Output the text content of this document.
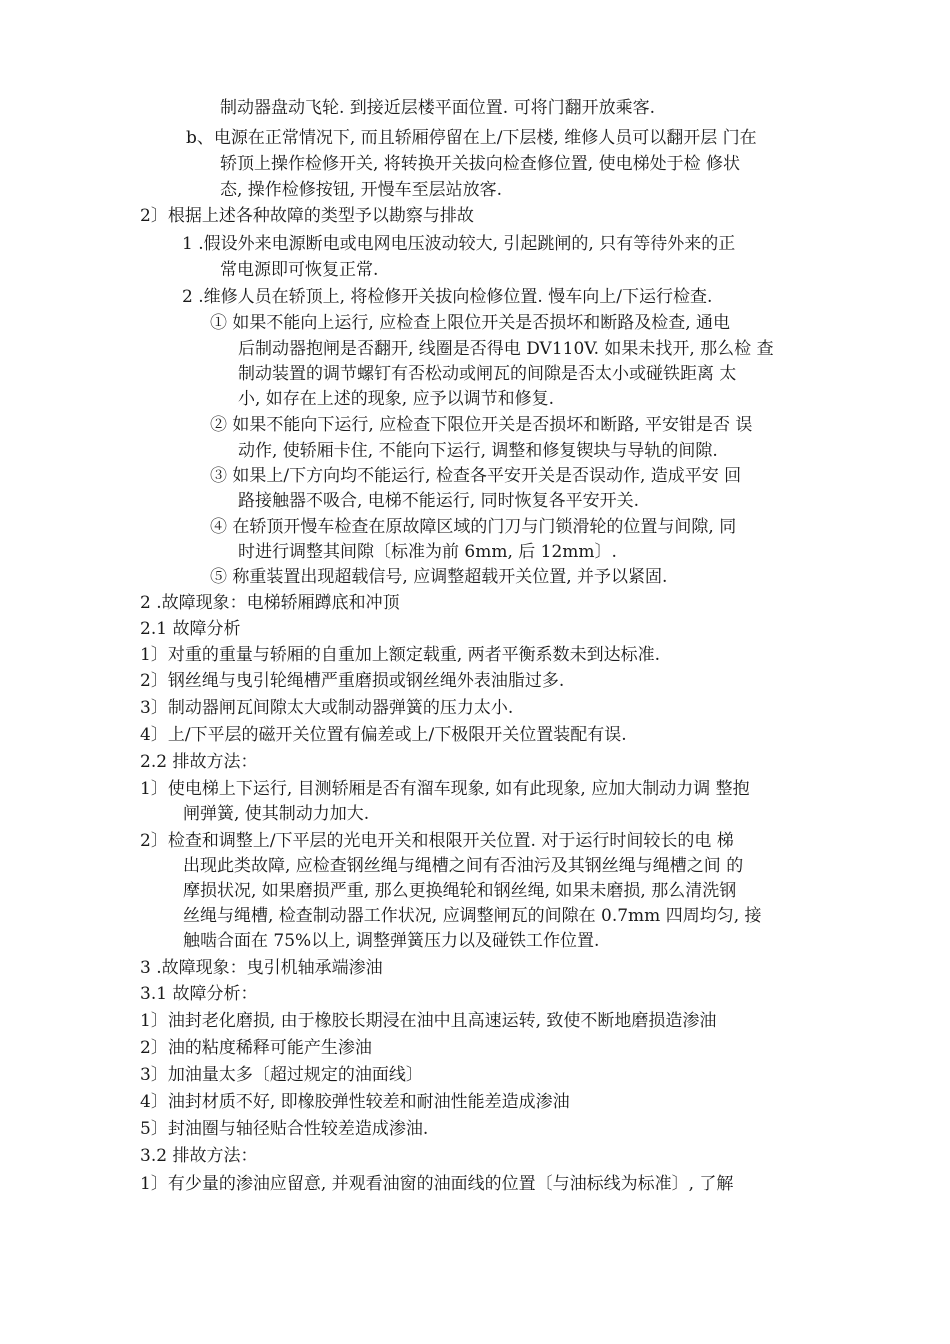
制动器盘动飞轮. 到接近层楼平面位置. 可将门翻开放乘客.
b、电源在正常情况下, 而且轿厢停留在上/下层楼, 维修人员可以翻开层 门在
轿顶上操作检修开关, 将转换开关拔向检查修位置, 使电梯处于检 修状
态, 操作检修按钮, 开慢车至层站放客.
2〕根据上述各种故障的类型予以勘察与排故
1 .假设外来电源断电或电网电压波动较大, 引起跳闸的, 只有等待外来的正
常电源即可恢复正常.
2 .维修人员在轿顶上, 将检修开关拔向检修位置. 慢车向上/下运行检查.
① 如果不能向上运行, 应检查上限位开关是否损坏和断路及检查, 通电
后制动器抱闸是否翻开, 线圈是否得电 DV110V. 如果未找开, 那么检 查
制动装置的调节螺钉有否松动或闸瓦的间隙是否太小或碰铁距离 太
小, 如存在上述的现象, 应予以调节和修复.
② 如果不能向下运行, 应检查下限位开关是否损坏和断路, 平安钳是否 误
动作, 使轿厢卡住, 不能向下运行, 调整和修复锲块与导轨的间隙.
③ 如果上/下方向均不能运行, 检查各平安开关是否误动作, 造成平安 回
路接触器不吸合, 电梯不能运行, 同时恢复各平安开关.
④ 在轿顶开慢车检查在原故障区域的门刀与门锁滑轮的位置与间隙, 同
时进行调整其间隙〔标准为前 6mm, 后 12mm〕.
⑤ 称重装置出现超载信号, 应调整超载开关位置, 并予以紧固.
2 .故障现象：电梯轿厢蹲底和冲顶
2.1 故障分析
1〕对重的重量与轿厢的自重加上额定载重, 两者平衡系数未到达标准.
2〕钢丝绳与曳引轮绳槽严重磨损或钢丝绳外表油脂过多.
3〕制动器闸瓦间隙太大或制动器弹簧的压力太小.
4〕上/下平层的磁开关位置有偏差或上/下极限开关位置装配有误.
2.2 排故方法：
1〕使电梯上下运行, 目测轿厢是否有溜车现象, 如有此现象, 应加大制动力调 整抱
闸弹簧, 使其制动力加大.
2〕检查和调整上/下平层的光电开关和根限开关位置. 对于运行时间较长的电 梯
出现此类故障, 应检查钢丝绳与绳槽之间有否油污及其钢丝绳与绳槽之间 的
摩损状况, 如果磨损严重, 那么更换绳轮和钢丝绳, 如果未磨损, 那么清洗钢
丝绳与绳槽, 检查制动器工作状况, 应调整闸瓦的间隙在 0.7mm 四周均匀, 接
触啮合面在 75%以上, 调整弹簧压力以及碰铁工作位置.
3 .故障现象：曳引机轴承端渗油
3.1 故障分析：
1〕油封老化磨损, 由于橡胶长期浸在油中且高速运转, 致使不断地磨损造渗油
2〕油的粘度稀释可能产生渗油
3〕加油量太多〔超过规定的油面线〕
4〕油封材质不好, 即橡胶弹性较差和耐油性能差造成渗油
5〕封油圈与轴径贴合性较差造成渗油.
3.2 排故方法：
1〕有少量的渗油应留意, 并观看油窗的油面线的位置〔与油标线为标准〕, 了解
